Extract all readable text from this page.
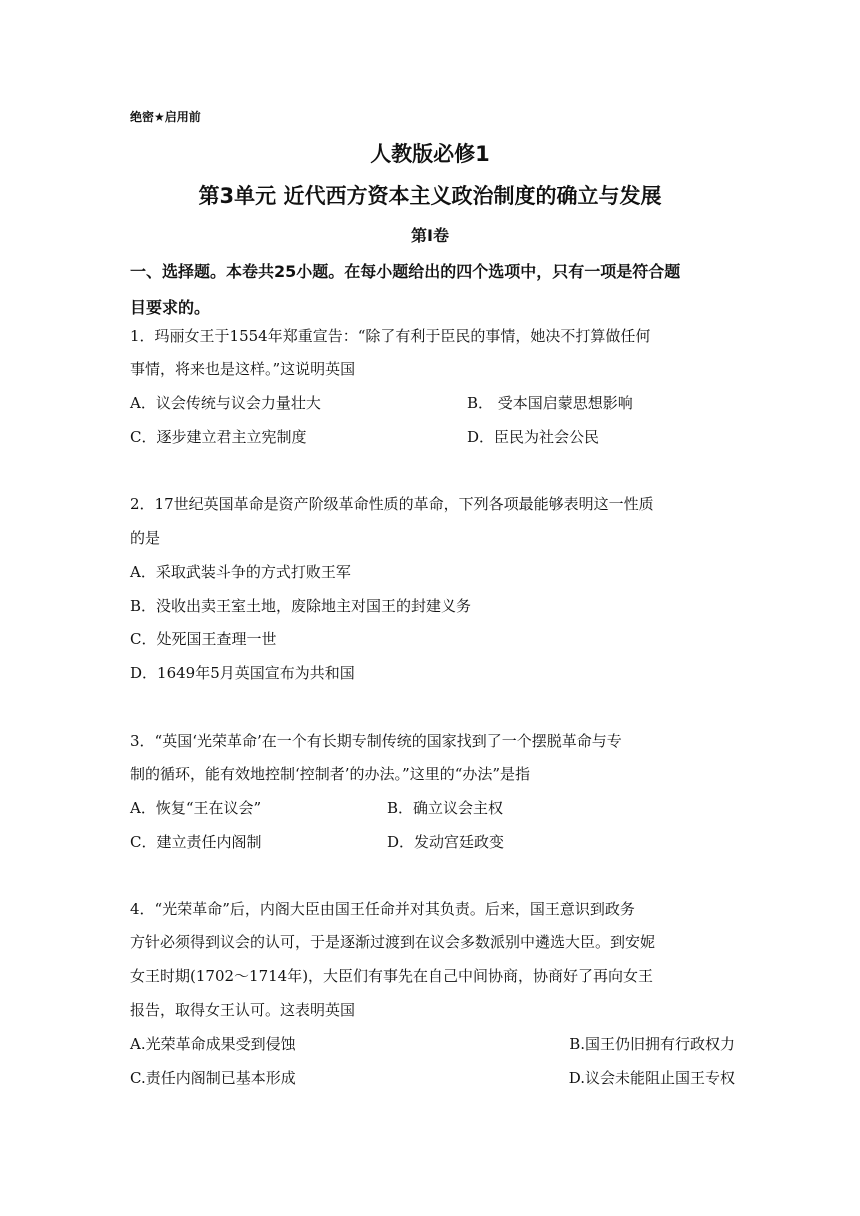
绝密★启用前
人教版必修1
第3单元 近代西方资本主义政治制度的确立与发展
第Ⅰ卷
一、选择题。本卷共25小题。在每小题给出的四个选项中，只有一项是符合题
目要求的。
1．玛丽女王于1554年郑重宣告：“除了有利于臣民的事情，她决不打算做任何
事情，将来也是这样。”这说明英国
A．议会传统与议会力量壮大	B． 受本国启蒙思想影响
C．逐步建立君主立宪制度	D．臣民为社会公民
2．17世纪英国革命是资产阶级革命性质的革命，下列各项最能够表明这一性质
的是
A．采取武装斗争的方式打败王军
B．没收出卖王室土地，废除地主对国王的封建义务
C．处死国王查理一世
D．1649年5月英国宣布为共和国
3．“英国‘光荣革命’在一个有长期专制传统的国家找到了一个摆脱革命与专
制的循环，能有效地控制‘控制者’的办法。”这里的“办法”是指
A．恢复“王在议会”	B．确立议会主权
C．建立责任内阁制	D．发动宫廷政变
4．“光荣革命”后，内阁大臣由国王任命并对其负责。后来，国王意识到政务
方针必须得到议会的认可，于是逐渐过渡到在议会多数派别中遴选大臣。到安妮
女王时期(1702～1714年)，大臣们有事先在自己中间协商，协商好了再向女王
报告，取得女王认可。这表明英国
A.光荣革命成果受到侵蚀	B.国王仍旧拥有行政权力
C.责任内阁制已基本形成	D.议会未能阻止国王专权
